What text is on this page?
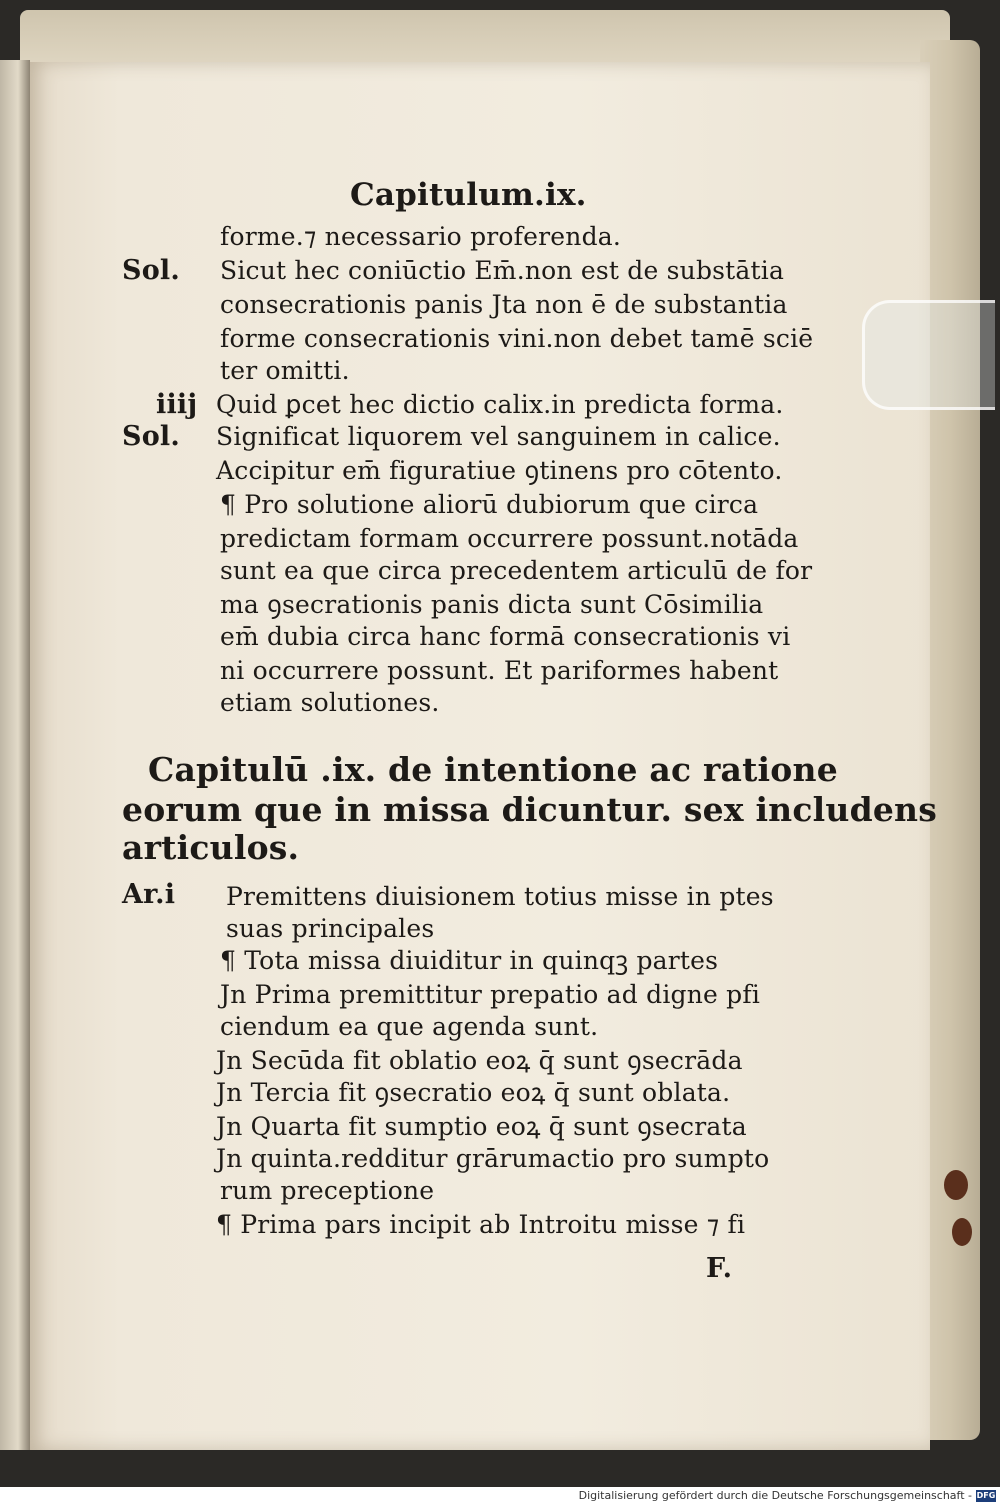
Capitulum.ix.

forme.⁊ necessario proferenda.

Sol. Sicut hec coniūctio Em̄.non est de substātia

consecrationis panis Jta non ē de substantia

forme consecrationis vini.non debet tamē sciē

ter omitti.

iiij Quid ꝑcet hec dictio calix.in predicta forma.

Sol. Significat liquorem vel sanguinem in calice.

Accipitur em̄ figuratiue ꝯtinens pro cōtento.

¶ Pro solutione aliorū dubiorum que circa

predictam formam occurrere possunt.notāda

sunt ea que circa precedentem articulū de for

ma ꝯsecrationis panis dicta sunt Cōsimilia

em̄ dubia circa hanc formā consecrationis vi

ni occurrere possunt. Et pariformes habent

etiam solutiones.

Capitulū .ix. de intentione ac ratione

eorum que in missa dicuntur. sex includens

articulos.

Ar.i Premittens diuisionem totius misse in ptes

suas principales

¶ Tota missa diuiditur in quinqꝫ partes

Jn Prima premittitur prepatio ad digne pfi

ciendum ea que agenda sunt.

Jn Secūda fit oblatio eoꝝ q̄ sunt ꝯsecrāda

Jn Tercia fit ꝯsecratio eoꝝ q̄ sunt oblata.

Jn Quarta fit sumptio eoꝝ q̄ sunt ꝯsecrata

Jn quinta.redditur grārumactio pro sumpto

rum preceptione

¶ Prima pars incipit ab Introitu misse ⁊ fi

F.

Digitalisierung gefördert durch die Deutsche Forschungsgemeinschaft - DFG
